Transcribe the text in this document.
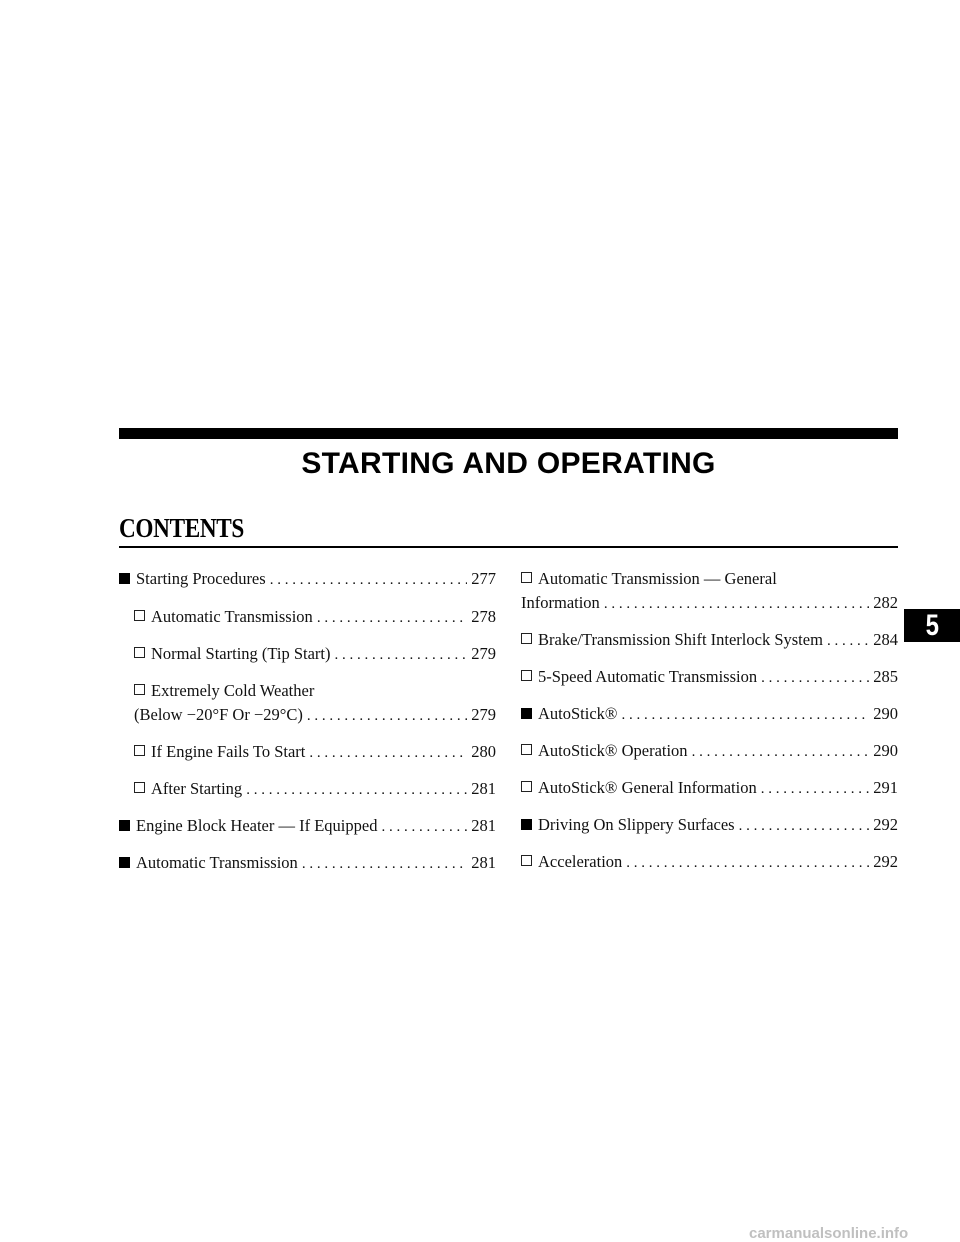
STARTING AND OPERATING
CONTENTS
Starting Procedures . . .	277
Automatic Transmission . . .	278
Normal Starting (Tip Start) . . .	279
Extremely Cold Weather
(Below −20°F Or −29°C) . . .	279
If Engine Fails To Start . . .	280
After Starting . . .	281
Engine Block Heater — If Equipped . . .	281
Automatic Transmission . . .	281
Automatic Transmission — General
Information . . .	282
Brake/Transmission Shift Interlock System . . .	284
5-Speed Automatic Transmission . . .	285
AutoStick® . . .	290
AutoStick® Operation . . .	290
AutoStick® General Information . . .	291
Driving On Slippery Surfaces . . .	292
Acceleration . . .	292
5
carmanualsonline.info
